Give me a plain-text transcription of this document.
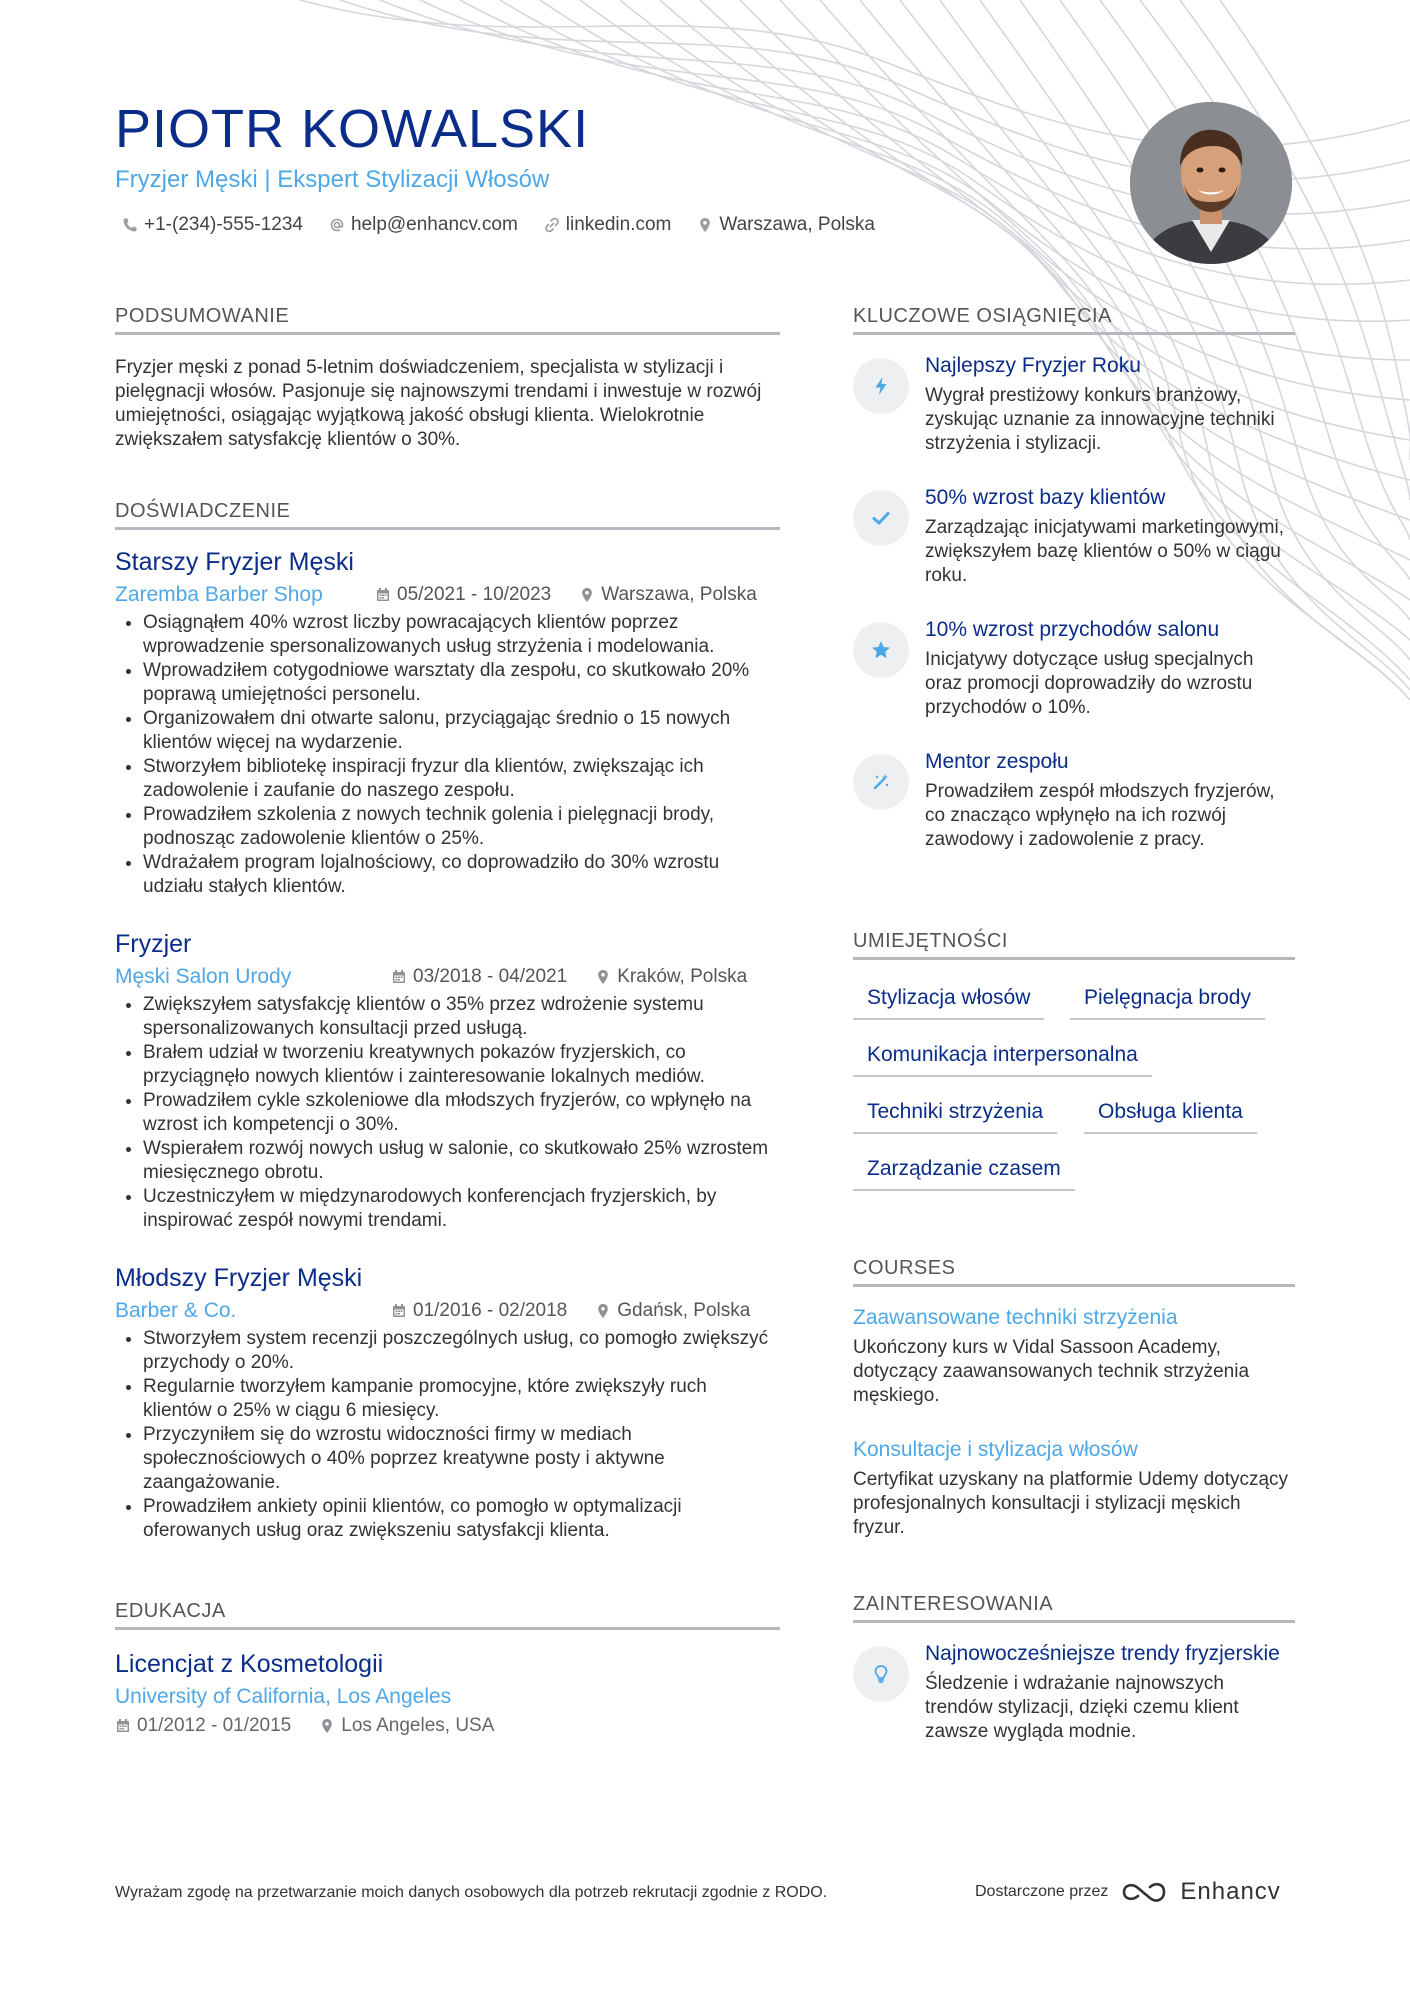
PIOTR KOWALSKI
Fryzjer Męski | Ekspert Stylizacji Włosów
+1-(234)-555-1234	help@enhancv.com	linkedin.com	Warszawa, Polska
PODSUMOWANIE
Fryzjer męski z ponad 5-letnim doświadczeniem, specjalista w stylizacji i pielęgnacji włosów. Pasjonuje się najnowszymi trendami i inwestuje w rozwój umiejętności, osiągając wyjątkową jakość obsługi klienta. Wielokrotnie zwiększałem satysfakcję klientów o 30%.
DOŚWIADCZENIE
Starszy Fryzjer Męski
Zaremba Barber Shop	05/2021 - 10/2023	Warszawa, Polska
• Osiągnąłem 40% wzrost liczby powracających klientów poprzez wprowadzenie spersonalizowanych usług strzyżenia i modelowania.
• Wprowadziłem cotygodniowe warsztaty dla zespołu, co skutkowało 20% poprawą umiejętności personelu.
• Organizowałem dni otwarte salonu, przyciągając średnio o 15 nowych klientów więcej na wydarzenie.
• Stworzyłem bibliotekę inspiracji fryzur dla klientów, zwiększając ich zadowolenie i zaufanie do naszego zespołu.
• Prowadziłem szkolenia z nowych technik golenia i pielęgnacji brody, podnosząc zadowolenie klientów o 25%.
• Wdrażałem program lojalnościowy, co doprowadziło do 30% wzrostu udziału stałych klientów.
Fryzjer
Męski Salon Urody	03/2018 - 04/2021	Kraków, Polska
• Zwiększyłem satysfakcję klientów o 35% przez wdrożenie systemu spersonalizowanych konsultacji przed usługą.
• Brałem udział w tworzeniu kreatywnych pokazów fryzjerskich, co przyciągnęło nowych klientów i zainteresowanie lokalnych mediów.
• Prowadziłem cykle szkoleniowe dla młodszych fryzjerów, co wpłynęło na wzrost ich kompetencji o 30%.
• Wspierałem rozwój nowych usług w salonie, co skutkowało 25% wzrostem miesięcznego obrotu.
• Uczestniczyłem w międzynarodowych konferencjach fryzjerskich, by inspirować zespół nowymi trendami.
Młodszy Fryzjer Męski
Barber & Co.	01/2016 - 02/2018	Gdańsk, Polska
• Stworzyłem system recenzji poszczególnych usług, co pomogło zwiększyć przychody o 20%.
• Regularnie tworzyłem kampanie promocyjne, które zwiększyły ruch klientów o 25% w ciągu 6 miesięcy.
• Przyczyniłem się do wzrostu widoczności firmy w mediach społecznościowych o 40% poprzez kreatywne posty i aktywne zaangażowanie.
• Prowadziłem ankiety opinii klientów, co pomogło w optymalizacji oferowanych usług oraz zwiększeniu satysfakcji klienta.
EDUKACJA
Licencjat z Kosmetologii
University of California, Los Angeles
01/2012 - 01/2015	Los Angeles, USA
KLUCZOWE OSIĄGNIĘCIA
Najlepszy Fryzjer Roku
Wygrał prestiżowy konkurs branżowy, zyskując uznanie za innowacyjne techniki strzyżenia i stylizacji.
50% wzrost bazy klientów
Zarządzając inicjatywami marketingowymi, zwiększyłem bazę klientów o 50% w ciągu roku.
10% wzrost przychodów salonu
Inicjatywy dotyczące usług specjalnych oraz promocji doprowadziły do wzrostu przychodów o 10%.
Mentor zespołu
Prowadziłem zespół młodszych fryzjerów, co znacząco wpłynęło na ich rozwój zawodowy i zadowolenie z pracy.
UMIEJĘTNOŚCI
Stylizacja włosów	Pielęgnacja brody
Komunikacja interpersonalna
Techniki strzyżenia	Obsługa klienta
Zarządzanie czasem
COURSES
Zaawansowane techniki strzyżenia
Ukończony kurs w Vidal Sassoon Academy, dotyczący zaawansowanych technik strzyżenia męskiego.
Konsultacje i stylizacja włosów
Certyfikat uzyskany na platformie Udemy dotyczący profesjonalnych konsultacji i stylizacji męskich fryzur.
ZAINTERESOWANIA
Najnowocześniejsze trendy fryzjerskie
Śledzenie i wdrażanie najnowszych trendów stylizacji, dzięki czemu klient zawsze wygląda modnie.
Wyrażam zgodę na przetwarzanie moich danych osobowych dla potrzeb rekrutacji zgodnie z RODO.	Dostarczone przez	Enhancv
